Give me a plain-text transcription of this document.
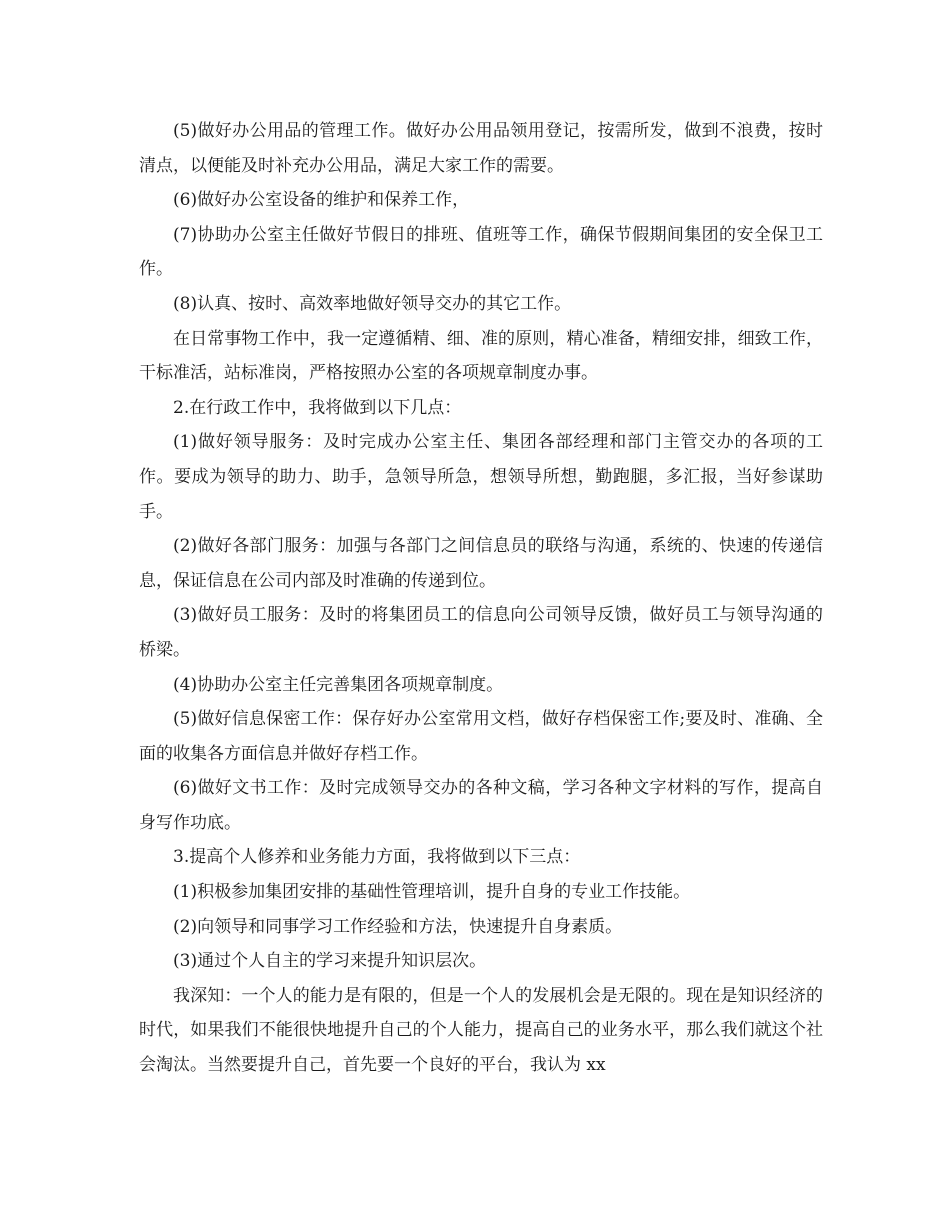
(5)做好办公用品的管理工作。做好办公用品领用登记，按需所发，做到不浪费，按时清点，以便能及时补充办公用品，满足大家工作的需要。

(6)做好办公室设备的维护和保养工作，

(7)协助办公室主任做好节假日的排班、值班等工作，确保节假期间集团的安全保卫工作。

(8)认真、按时、高效率地做好领导交办的其它工作。

在日常事物工作中，我一定遵循精、细、准的原则，精心准备，精细安排，细致工作，干标准活，站标准岗，严格按照办公室的各项规章制度办事。

2.在行政工作中，我将做到以下几点：

(1)做好领导服务：及时完成办公室主任、集团各部经理和部门主管交办的各项的工作。要成为领导的助力、助手，急领导所急，想领导所想，勤跑腿，多汇报，当好参谋助手。

(2)做好各部门服务：加强与各部门之间信息员的联络与沟通，系统的、快速的传递信息，保证信息在公司内部及时准确的传递到位。

(3)做好员工服务：及时的将集团员工的信息向公司领导反馈，做好员工与领导沟通的桥梁。

(4)协助办公室主任完善集团各项规章制度。

(5)做好信息保密工作：保存好办公室常用文档，做好存档保密工作;要及时、准确、全面的收集各方面信息并做好存档工作。

(6)做好文书工作：及时完成领导交办的各种文稿，学习各种文字材料的写作，提高自身写作功底。

3.提高个人修养和业务能力方面，我将做到以下三点：

(1)积极参加集团安排的基础性管理培训，提升自身的专业工作技能。

(2)向领导和同事学习工作经验和方法，快速提升自身素质。

(3)通过个人自主的学习来提升知识层次。

我深知：一个人的能力是有限的，但是一个人的发展机会是无限的。现在是知识经济的时代，如果我们不能很快地提升自己的个人能力，提高自己的业务水平，那么我们就这个社会淘汰。当然要提升自己，首先要一个良好的平台，我认为 xx
